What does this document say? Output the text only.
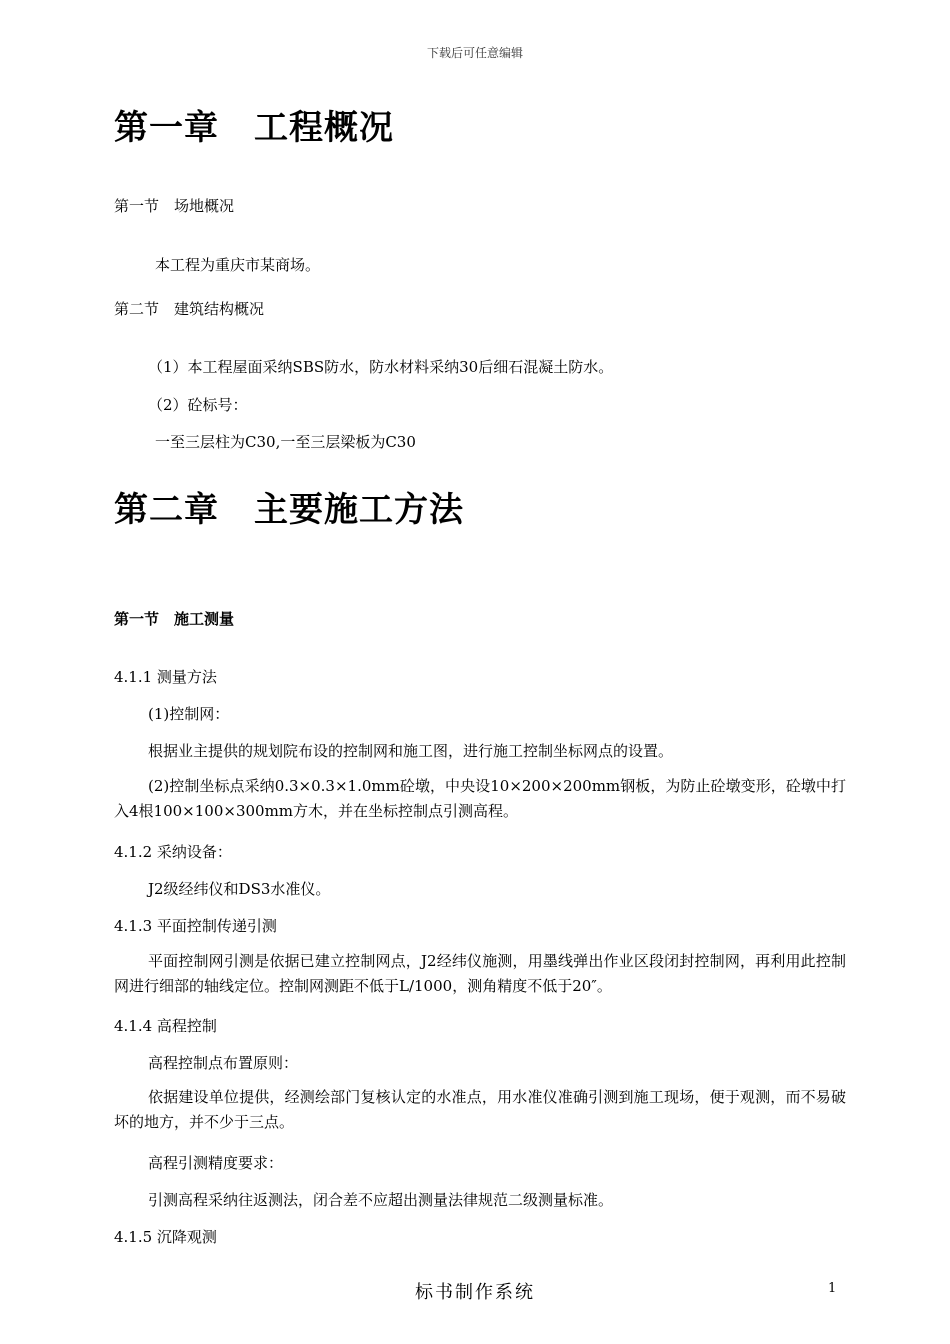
下载后可任意编辑
第一章　工程概况
第一节　场地概况
本工程为重庆市某商场。
第二节　建筑结构概况
（1）本工程屋面采纳SBS防水，防水材料采纳30后细石混凝土防水。
（2）砼标号：
一至三层柱为C30,一至三层梁板为C30
第二章　主要施工方法
第一节　施工测量
4.1.1 测量方法
(1)控制网：
根据业主提供的规划院布设的控制网和施工图，进行施工控制坐标网点的设置。
(2)控制坐标点采纳0.3×0.3×1.0mm砼墩，中央设10×200×200mm钢板，为防止砼墩变形，砼墩中打入4根100×100×300mm方木，并在坐标控制点引测高程。
4.1.2 采纳设备：
J2级经纬仪和DS3水准仪。
4.1.3 平面控制传递引测
平面控制网引测是依据已建立控制网点，J2经纬仪施测，用墨线弹出作业区段闭封控制网，再利用此控制网进行细部的轴线定位。控制网测距不低于L/1000，测角精度不低于20″。
4.1.4 高程控制
高程控制点布置原则：
依据建设单位提供，经测绘部门复核认定的水准点，用水准仪准确引测到施工现场，便于观测，而不易破坏的地方，并不少于三点。
高程引测精度要求：
引测高程采纳往返测法，闭合差不应超出测量法律规范二级测量标准。
4.1.5 沉降观测
标书制作系统	1
